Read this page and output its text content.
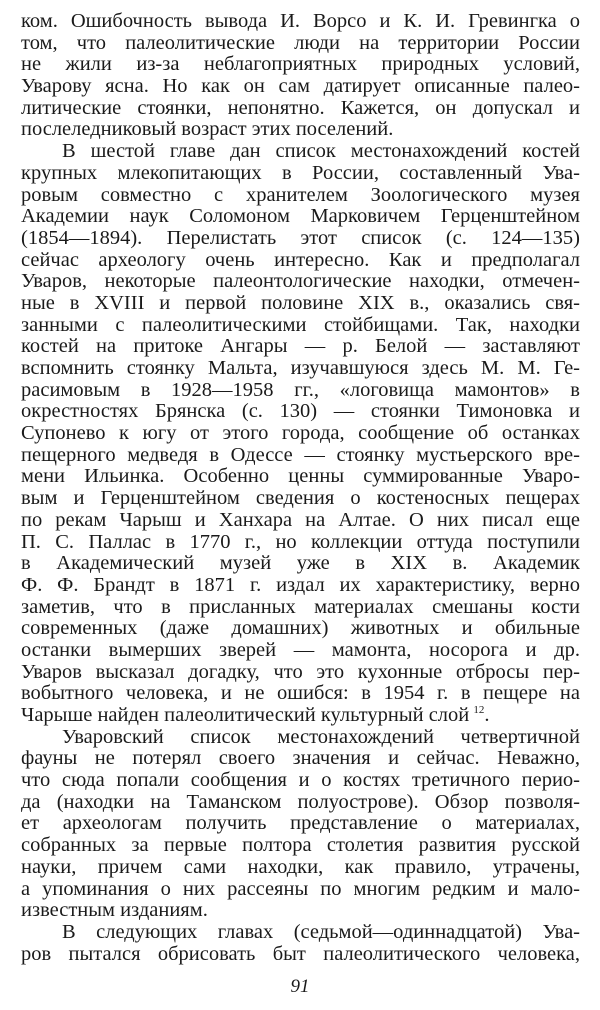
ком. Ошибочность вывода И. Ворсо и К. И. Гревингка о
том, что палеолитические люди на территории России
не жили из-за неблагоприятных природных условий,
Уварову ясна. Но как он сам датирует описанные палео-
литические стоянки, непонятно. Кажется, он допускал и
послеледниковый возраст этих поселений.
В шестой главе дан список местонахождений костей
крупных млекопитающих в России, составленный Ува-
ровым совместно с хранителем Зоологического музея
Академии наук Соломоном Марковичем Герценштейном
(1854—1894). Перелистать этот список (с. 124—135)
сейчас археологу очень интересно. Как и предполагал
Уваров, некоторые палеонтологические находки, отмечен-
ные в XVIII и первой половине XIX в., оказались свя-
занными с палеолитическими стойбищами. Так, находки
костей на притоке Ангары — р. Белой — заставляют
вспомнить стоянку Мальта, изучавшуюся здесь М. М. Ге-
расимовым в 1928—1958 гг., «логовища мамонтов» в
окрестностях Брянска (с. 130) — стоянки Тимоновка и
Супонево к югу от этого города, сообщение об останках
пещерного медведя в Одессе — стоянку мустьерского вре-
мени Ильинка. Особенно ценны суммированные Уваро-
вым и Герценштейном сведения о костеносных пещерах
по рекам Чарыш и Ханхара на Алтае. О них писал еще
П. С. Паллас в 1770 г., но коллекции оттуда поступили
в Академический музей уже в XIX в. Академик
Ф. Ф. Брандт в 1871 г. издал их характеристику, верно
заметив, что в присланных материалах смешаны кости
современных (даже домашних) животных и обильные
останки вымерших зверей — мамонта, носорога и др.
Уваров высказал догадку, что это кухонные отбросы пер-
вобытного человека, и не ошибся: в 1954 г. в пещере на
Чарыше найден палеолитический культурный слой  $^{12}$.
Уваровский список местонахождений четвертичной
фауны не потерял своего значения и сейчас. Неважно,
что сюда попали сообщения и о костях третичного перио-
да (находки на Таманском полуострове). Обзор позволя-
ет археологам получить представление о материалах,
собранных за первые полтора столетия развития русской
науки, причем сами находки, как правило, утрачены,
а упоминания о них рассеяны по многим редким и мало-
известным изданиям.
В следующих главах (седьмой—одиннадцатой) Ува-
ров пытался обрисовать быт палеолитического человека,
91
